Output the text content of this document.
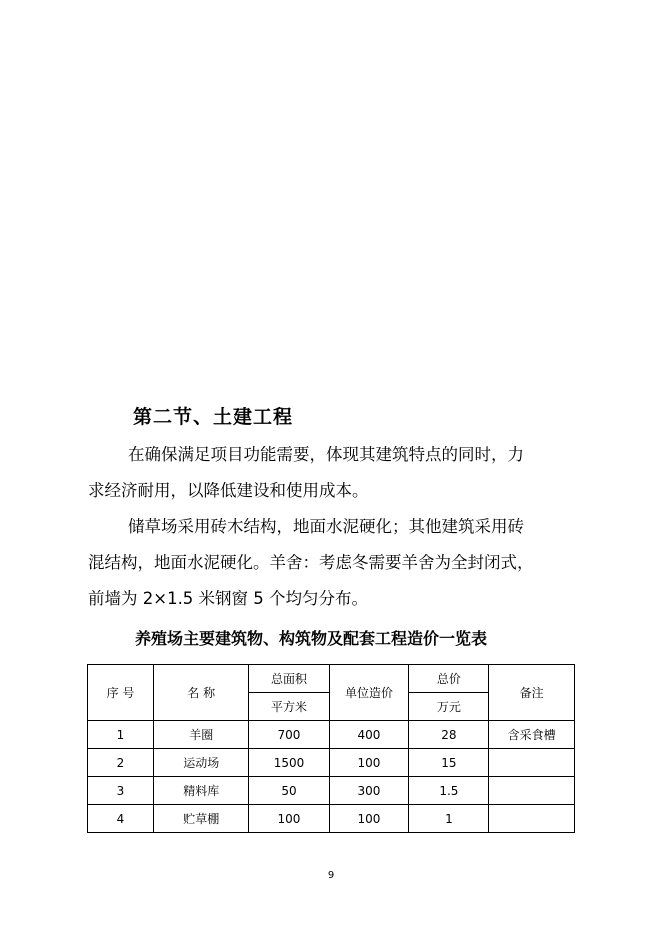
第二节、土建工程
在确保满足项目功能需要，体现其建筑特点的同时，力
求经济耐用，以降低建设和使用成本。
储草场采用砖木结构，地面水泥硬化；其他建筑采用砖
混结构，地面水泥硬化。羊舍：考虑冬需要羊舍为全封闭式，
前墙为 2×1.5 米钢窗 5 个均匀分布。
养殖场主要建筑物、构筑物及配套工程造价一览表
序 号	名 称	总面积	单位造价	总价	备注
		平方米		万元	
1	羊圈	700	400	28	含采食槽
2	运动场	1500	100	15	
3	精料库	50	300	1.5	
4	贮草棚	100	100	1	
9
